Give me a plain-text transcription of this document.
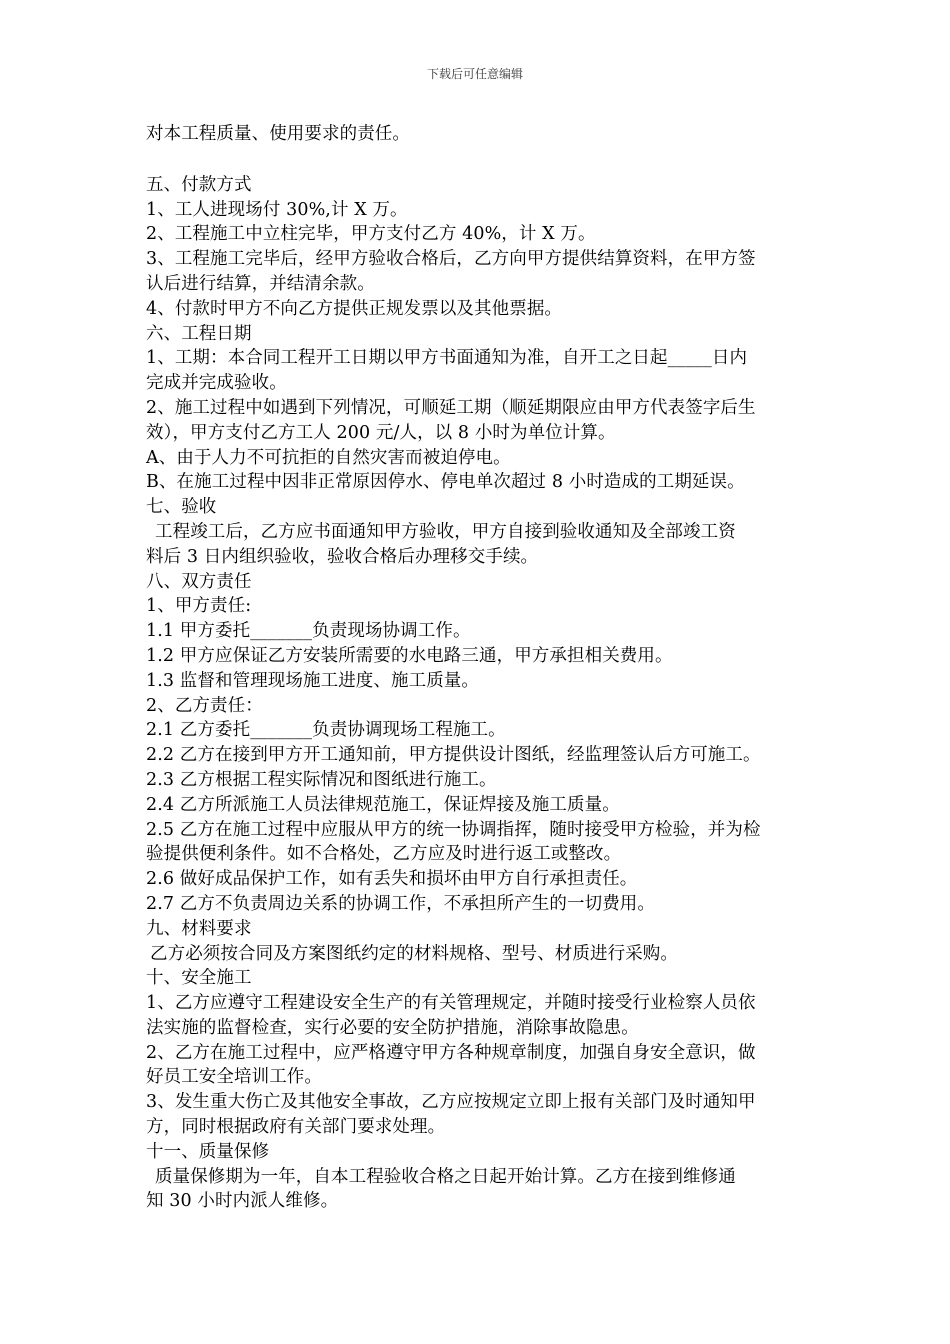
下载后可任意编辑
对本工程质量、使用要求的责任。
五、付款方式
1、工人进现场付 30%,计 X 万。
2、工程施工中立柱完毕，甲方支付乙方 40%，计 X 万。
3、工程施工完毕后，经甲方验收合格后，乙方向甲方提供结算资料，在甲方签
认后进行结算，并结清余款。
4、付款时甲方不向乙方提供正规发票以及其他票据。
六、工程日期
1、工期：本合同工程开工日期以甲方书面通知为准，自开工之日起_____日内
完成并完成验收。
2、施工过程中如遇到下列情况，可顺延工期（顺延期限应由甲方代表签字后生
效），甲方支付乙方工人 200 元/人，以 8 小时为单位计算。
A、由于人力不可抗拒的自然灾害而被迫停电。
B、在施工过程中因非正常原因停水、停电单次超过 8 小时造成的工期延误。
七、验收
工程竣工后，乙方应书面通知甲方验收，甲方自接到验收通知及全部竣工资
料后 3 日内组织验收，验收合格后办理移交手续。
八、双方责任
1、甲方责任:
1.1 甲方委托_______负责现场协调工作。
1.2 甲方应保证乙方安装所需要的水电路三通，甲方承担相关费用。
1.3 监督和管理现场施工进度、施工质量。
2、乙方责任：
2.1 乙方委托_______负责协调现场工程施工。
2.2 乙方在接到甲方开工通知前，甲方提供设计图纸，经监理签认后方可施工。
2.3 乙方根据工程实际情况和图纸进行施工。
2.4 乙方所派施工人员法律规范施工，保证焊接及施工质量。
2.5 乙方在施工过程中应服从甲方的统一协调指挥，随时接受甲方检验，并为检
验提供便利条件。如不合格处，乙方应及时进行返工或整改。
2.6 做好成品保护工作，如有丢失和损坏由甲方自行承担责任。
2.7 乙方不负责周边关系的协调工作，不承担所产生的一切费用。
九、材料要求
乙方必须按合同及方案图纸约定的材料规格、型号、材质进行采购。
十、安全施工
1、乙方应遵守工程建设安全生产的有关管理规定，并随时接受行业检察人员依
法实施的监督检查，实行必要的安全防护措施，消除事故隐患。
2、乙方在施工过程中，应严格遵守甲方各种规章制度，加强自身安全意识，做
好员工安全培训工作。
3、发生重大伤亡及其他安全事故，乙方应按规定立即上报有关部门及时通知甲
方，同时根据政府有关部门要求处理。
十一、质量保修
质量保修期为一年，自本工程验收合格之日起开始计算。乙方在接到维修通
知 30 小时内派人维修。
